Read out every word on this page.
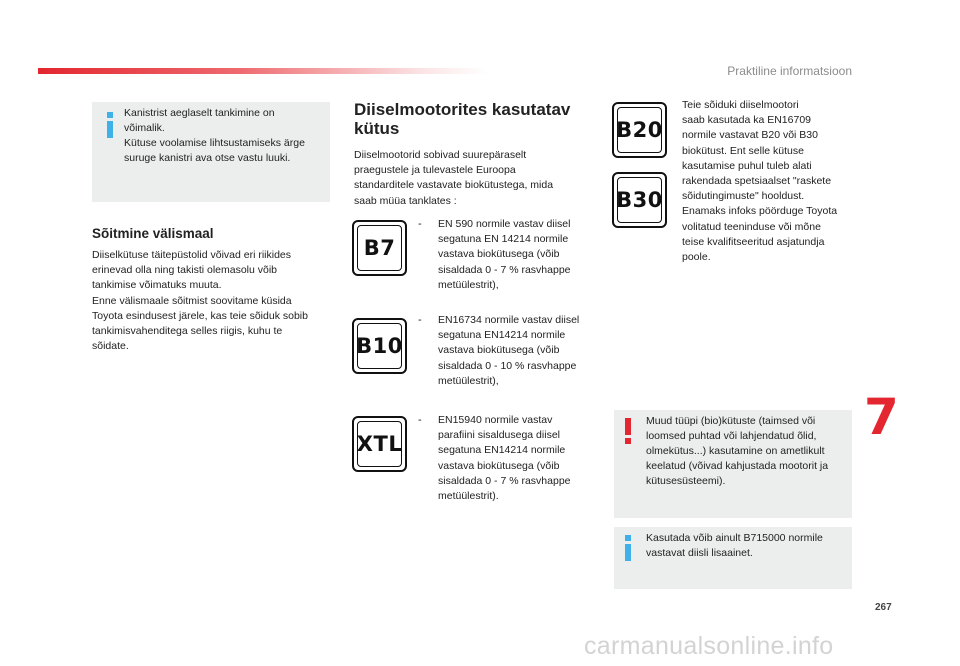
Praktiline informatsioon
Kanistrist aeglaselt tankimine on
võimalik.
Kütuse voolamise lihtsustamiseks ärge
suruge kanistri ava otse vastu luuki.
Sõitmine välismaal
Diiselkütuse täitepüstolid võivad eri riikides
erinevad olla ning takisti olemasolu võib
tankimise võimatuks muuta.
Enne välismaale sõitmist soovitame küsida
Toyota esindusest järele, kas teie sõiduk sobib
tankimisvahenditega selles riigis, kuhu te
sõidate.
Diiselmootorites kasutatav
kütus
Diiselmootorid sobivad suurepäraselt
praegustele ja tulevastele Euroopa
standarditele vastavate biokütustega, mida
saab müüa tanklates :
B7
- EN 590 normile vastav diisel
segatuna EN 14214 normile
vastava biokütusega (võib
sisaldada 0 - 7 % rasvhappe
metüülestrit),
B10
- EN16734 normile vastav diisel
segatuna EN14214 normile
vastava biokütusega (võib
sisaldada 0 - 10 % rasvhappe
metüülestrit),
XTL
- EN15940 normile vastav
parafiini sisaldusega diisel
segatuna EN14214 normile
vastava biokütusega (võib
sisaldada 0 - 7 % rasvhappe
metüülestrit).
B20
B30
Teie sõiduki diiselmootori
saab kasutada ka EN16709
normile vastavat B20 või B30
biokütust. Ent selle kütuse
kasutamise puhul tuleb alati
rakendada spetsiaalset "raskete
sõidutingimuste" hooldust.
Enamaks infoks pöörduge Toyota
volitatud teeninduse või mõne
teise kvalifitseeritud asjatundja
poole.
Muud tüüpi (bio)kütuste (taimsed või
loomsed puhtad või lahjendatud õlid,
olmekütus...) kasutamine on ametlikult
keelatud (võivad kahjustada mootorit ja
kütusesüsteemi).
Kasutada võib ainult B715000 normile
vastavat diisli lisaainet.
7
267
carmanualsonline.info
